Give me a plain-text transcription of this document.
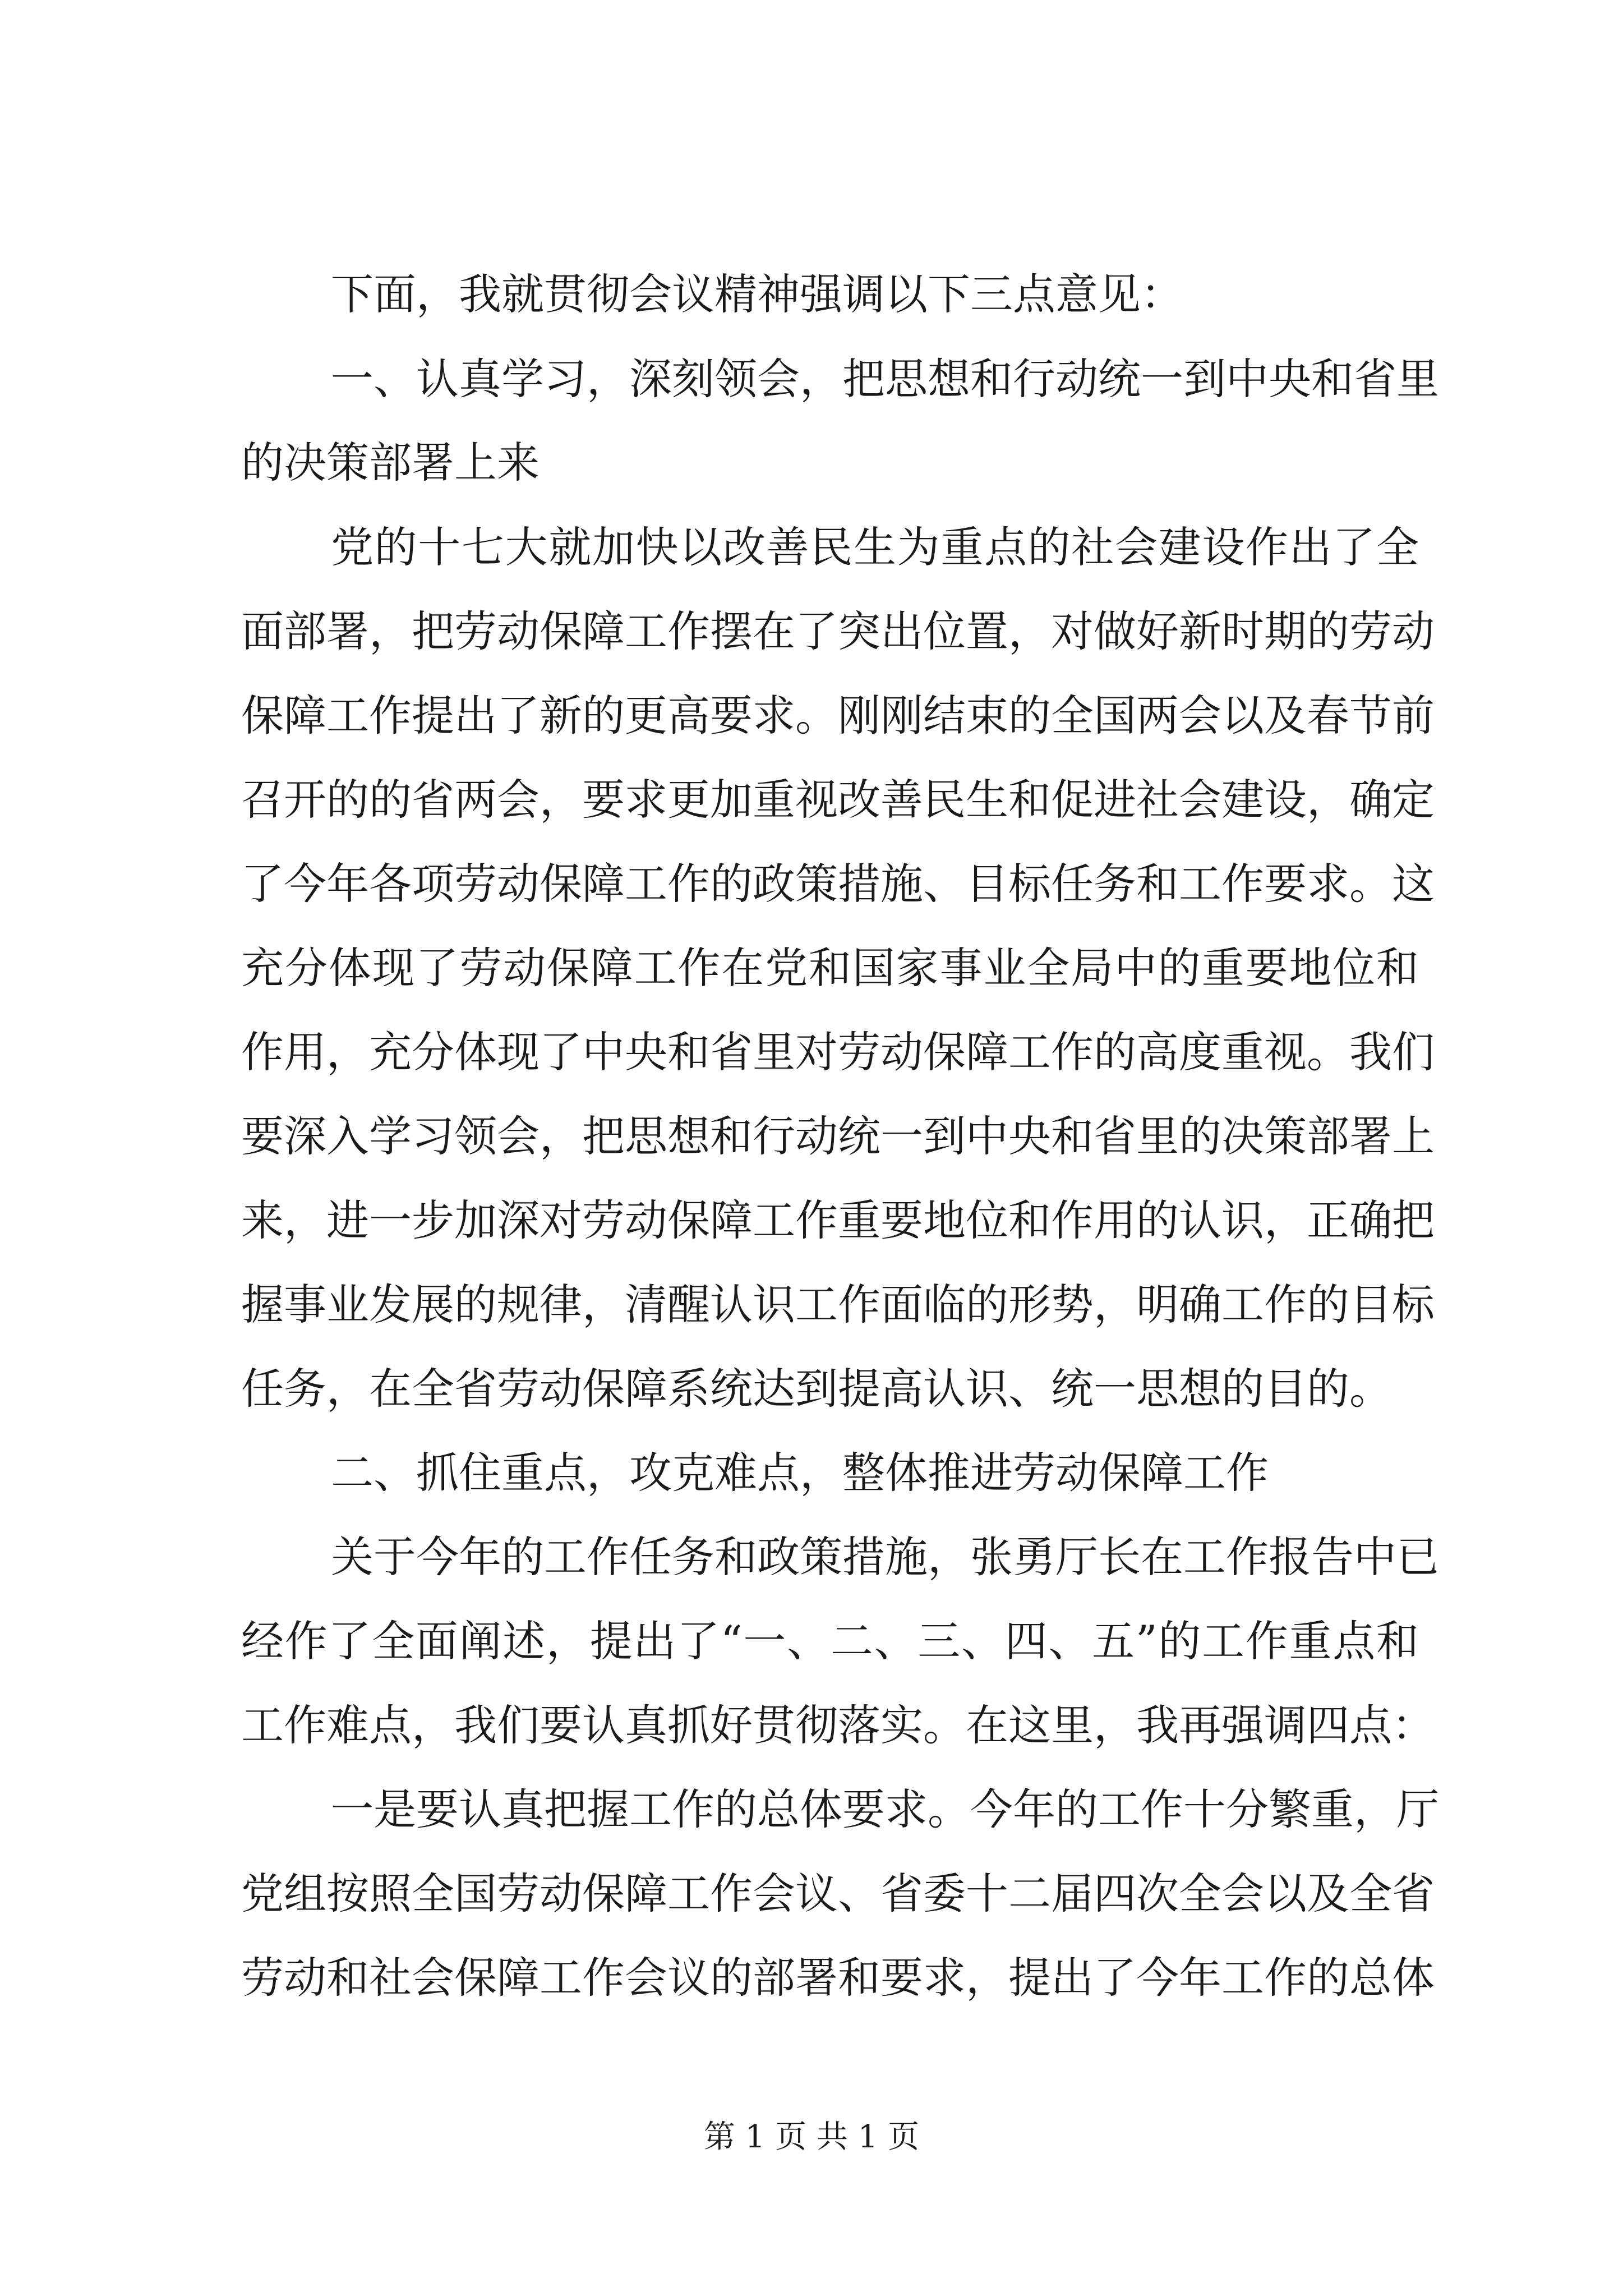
下面，我就贯彻会议精神强调以下三点意见：
一、认真学习，深刻领会，把思想和行动统一到中央和省里
的决策部署上来
党的十七大就加快以改善民生为重点的社会建设作出了全
面部署，把劳动保障工作摆在了突出位置，对做好新时期的劳动
保障工作提出了新的更高要求。刚刚结束的全国两会以及春节前
召开的的省两会，要求更加重视改善民生和促进社会建设，确定
了今年各项劳动保障工作的政策措施、目标任务和工作要求。这
充分体现了劳动保障工作在党和国家事业全局中的重要地位和
作用，充分体现了中央和省里对劳动保障工作的高度重视。我们
要深入学习领会，把思想和行动统一到中央和省里的决策部署上
来，进一步加深对劳动保障工作重要地位和作用的认识，正确把
握事业发展的规律，清醒认识工作面临的形势，明确工作的目标
任务，在全省劳动保障系统达到提高认识、统一思想的目的。
二、抓住重点，攻克难点，整体推进劳动保障工作
关于今年的工作任务和政策措施，张勇厅长在工作报告中已
经作了全面阐述，提出了“一、二、三、四、五”的工作重点和
工作难点，我们要认真抓好贯彻落实。在这里，我再强调四点：
一是要认真把握工作的总体要求。今年的工作十分繁重，厅
党组按照全国劳动保障工作会议、省委十二届四次全会以及全省
劳动和社会保障工作会议的部署和要求，提出了今年工作的总体
第 1 页 共 1 页
